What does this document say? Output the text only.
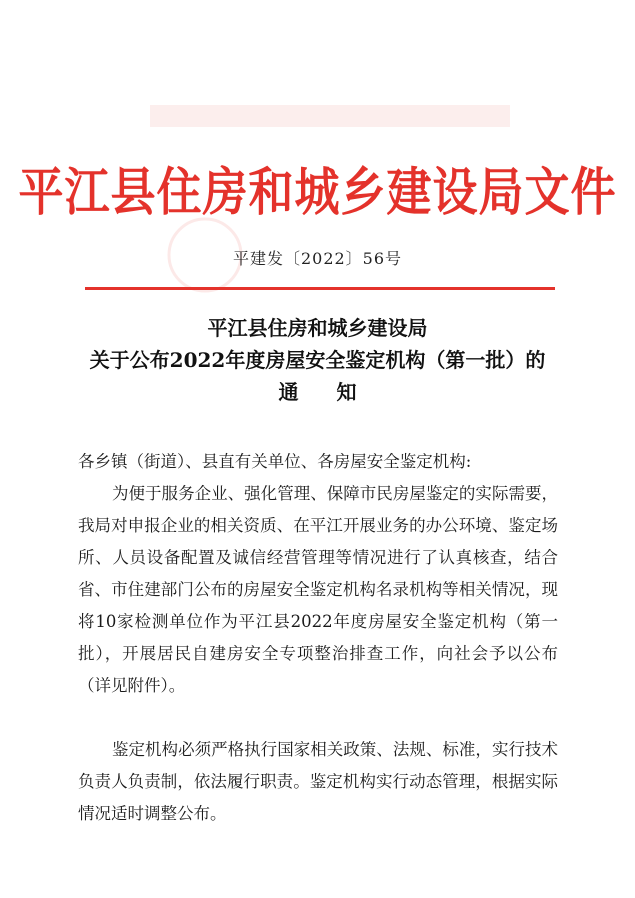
平江县住房和城乡建设局文件
平建发〔2022〕56号
平江县住房和城乡建设局
关于公布2022年度房屋安全鉴定机构（第一批）的
通知
各乡镇（街道）、县直有关单位、各房屋安全鉴定机构:
为便于服务企业、强化管理、保障市民房屋鉴定的实际需要，我局对申报企业的相关资质、在平江开展业务的办公环境、鉴定场所、人员设备配置及诚信经营管理等情况进行了认真核查，结合省、市住建部门公布的房屋安全鉴定机构名录机构等相关情况，现将10家检测单位作为平江县2022年度房屋安全鉴定机构（第一批），开展居民自建房安全专项整治排查工作，向社会予以公布（详见附件）。
鉴定机构必须严格执行国家相关政策、法规、标准，实行技术负责人负责制，依法履行职责。鉴定机构实行动态管理，根据实际情况适时调整公布。
